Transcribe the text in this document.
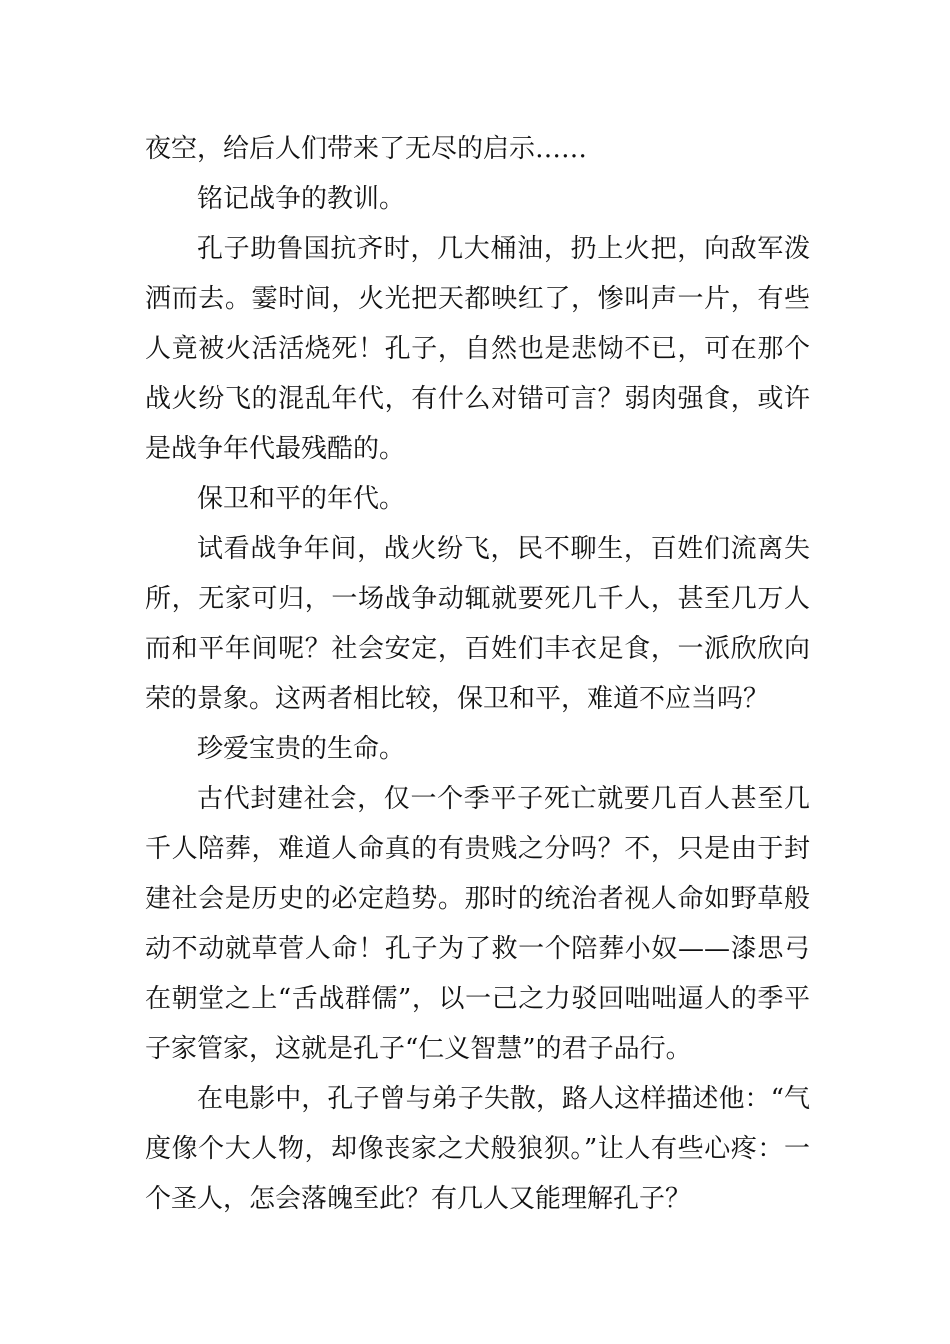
夜空，给后人们带来了无尽的启示……

铭记战争的教训。

孔子助鲁国抗齐时，几大桶油，扔上火把，向敌军泼洒而去。霎时间，火光把天都映红了，惨叫声一片，有些人竟被火活活烧死！孔子，自然也是悲恸不已，可在那个战火纷飞的混乱年代，有什么对错可言？弱肉强食，或许是战争年代最残酷的。

保卫和平的年代。

试看战争年间，战火纷飞，民不聊生，百姓们流离失所，无家可归，一场战争动辄就要死几千人，甚至几万人而和平年间呢？社会安定，百姓们丰衣足食，一派欣欣向荣的景象。这两者相比较，保卫和平，难道不应当吗？

珍爱宝贵的生命。

古代封建社会，仅一个季平子死亡就要几百人甚至几千人陪葬，难道人命真的有贵贱之分吗？不，只是由于封建社会是历史的必定趋势。那时的统治者视人命如野草般动不动就草菅人命！孔子为了救一个陪葬小奴——漆思弓在朝堂之上“舌战群儒”，以一己之力驳回咄咄逼人的季平子家管家，这就是孔子“仁义智慧”的君子品行。

在电影中，孔子曾与弟子失散，路人这样描述他：“气度像个大人物，却像丧家之犬般狼狈。”让人有些心疼：一个圣人，怎会落魄至此？有几人又能理解孔子？
